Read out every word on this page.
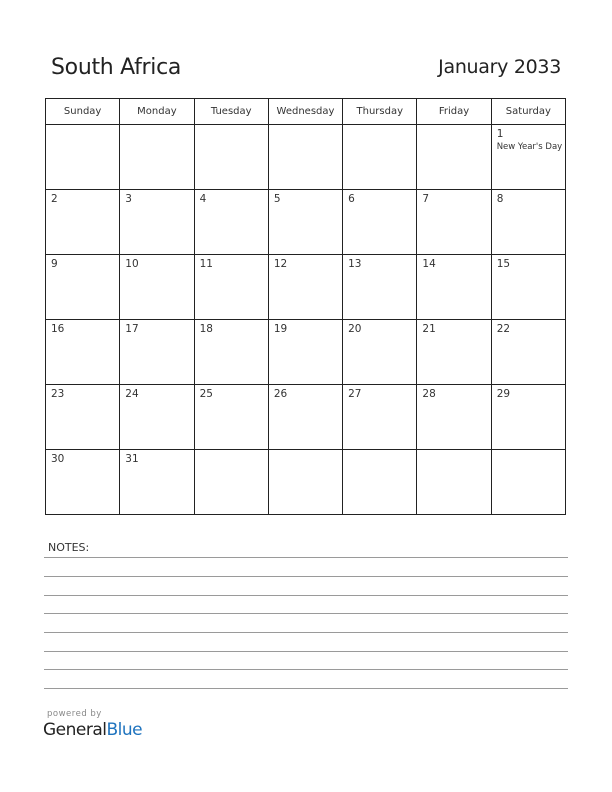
South Africa	January 2033
Sunday	Monday	Tuesday	Wednesday	Thursday	Friday	Saturday

						1
New Year's Day

2	3	4	5	6	7	8

9	10	11	12	13	14	15

16	17	18	19	20	21	22

23	24	25	26	27	28	29

30	31					

NOTES:
powered by
GeneralBlue
